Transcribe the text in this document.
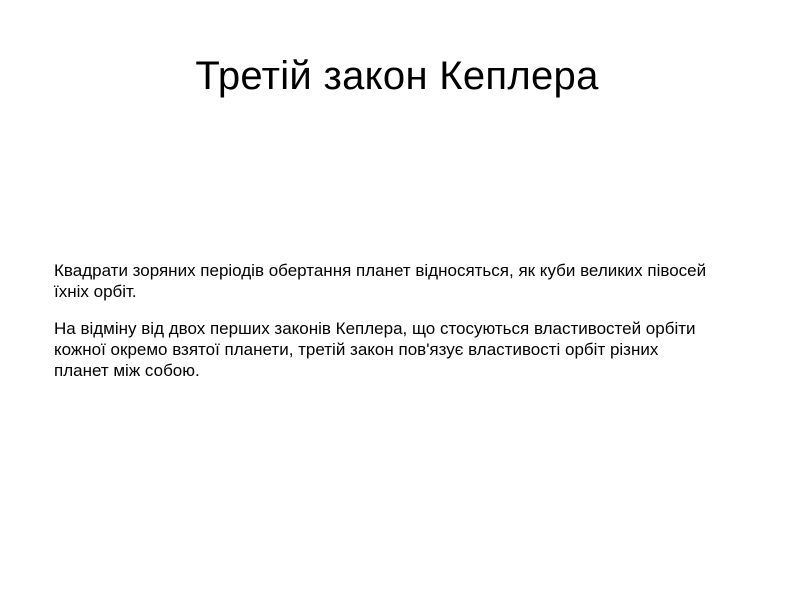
Третій закон Кеплера

Квадрати зоряних періодів обертання планет відносяться, як куби великих півосей
їхніх орбіт.

На відміну від двох перших законів Кеплера, що стосуються властивостей орбіти
кожної окремо взятої планети, третій закон пов'язує властивості орбіт різних
планет між собою.
